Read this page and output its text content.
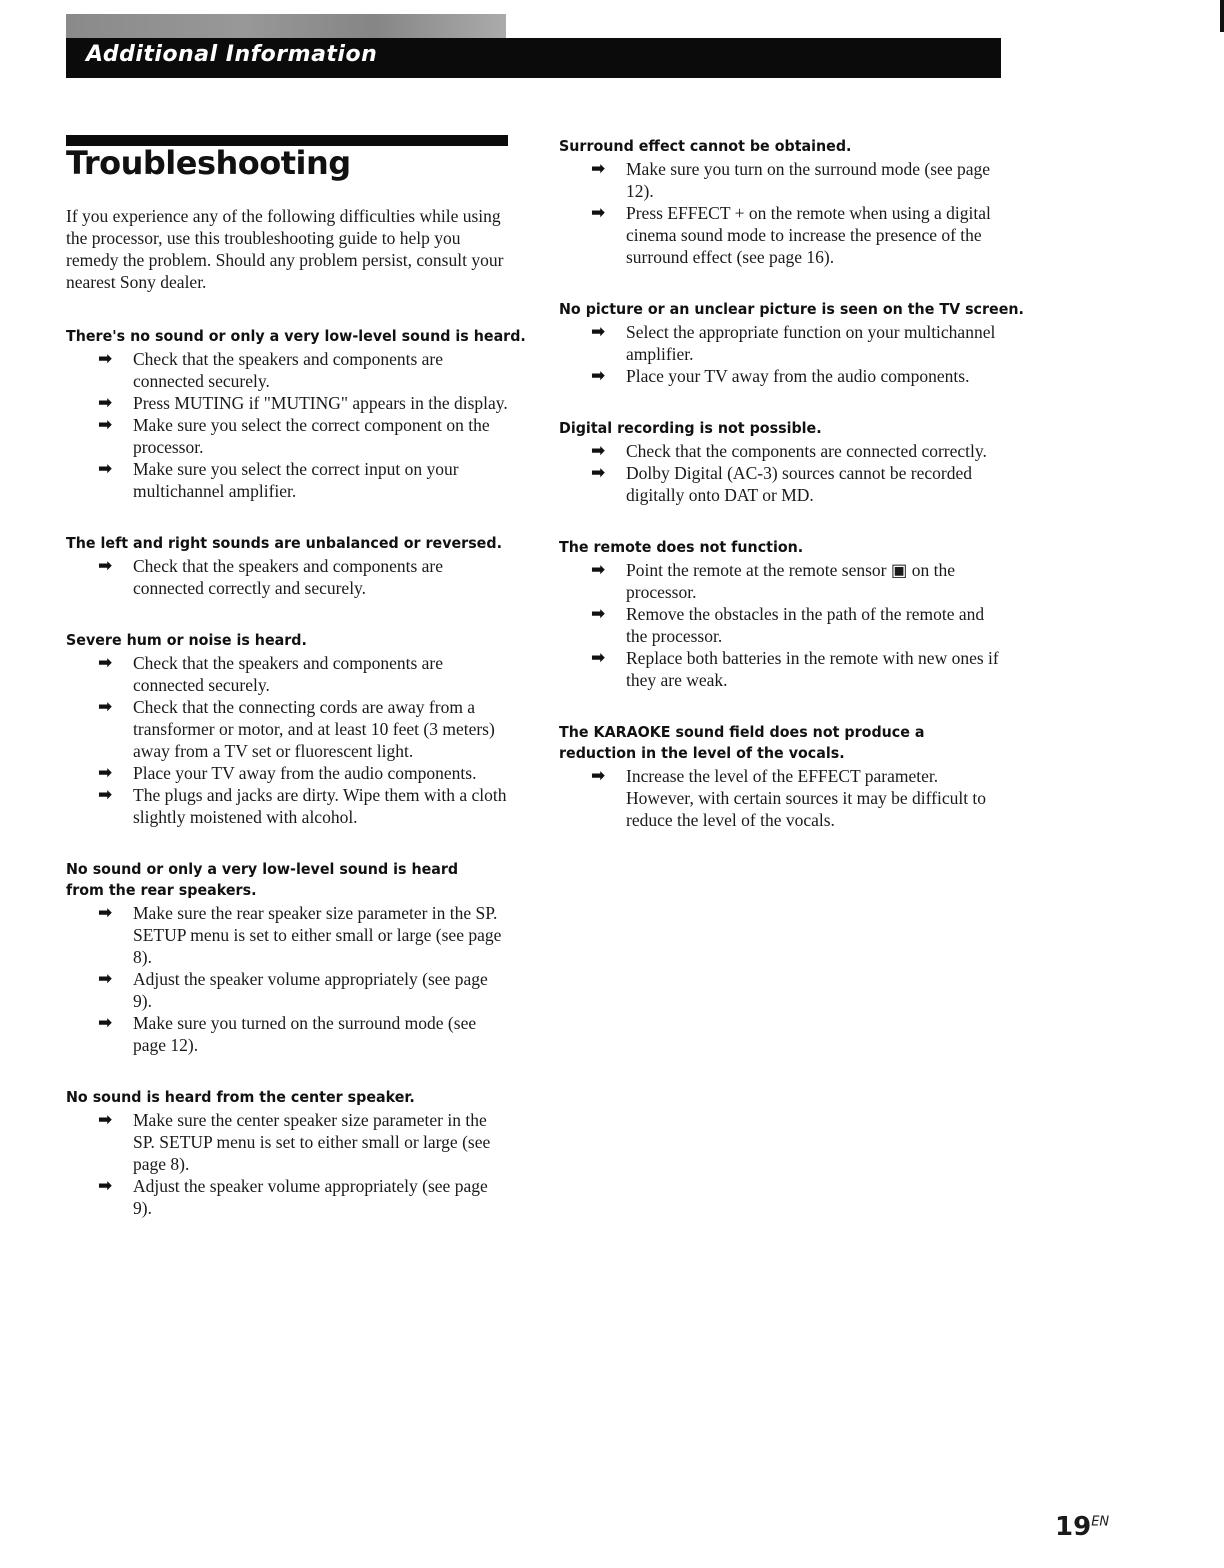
Additional Information
Troubleshooting

If you experience any of the following difficulties while using the processor, use this troubleshooting guide to help you remedy the problem. Should any problem persist, consult your nearest Sony dealer.

There's no sound or only a very low-level sound is heard.
➡ Check that the speakers and components are connected securely.
➡ Press MUTING if "MUTING" appears in the display.
➡ Make sure you select the correct component on the processor.
➡ Make sure you select the correct input on your multichannel amplifier.
The left and right sounds are unbalanced or reversed.
➡ Check that the speakers and components are connected correctly and securely.
Severe hum or noise is heard.
➡ Check that the speakers and components are connected securely.
➡ Check that the connecting cords are away from a transformer or motor, and at least 10 feet (3 meters) away from a TV set or fluorescent light.
➡ Place your TV away from the audio components.
➡ The plugs and jacks are dirty. Wipe them with a cloth slightly moistened with alcohol.
No sound or only a very low-level sound is heard from the rear speakers.
➡ Make sure the rear speaker size parameter in the SP. SETUP menu is set to either small or large (see page 8).
➡ Adjust the speaker volume appropriately (see page 9).
➡ Make sure you turned on the surround mode (see page 12).
No sound is heard from the center speaker.
➡ Make sure the center speaker size parameter in the SP. SETUP menu is set to either small or large (see page 8).
➡ Adjust the speaker volume appropriately (see page 9).
Surround effect cannot be obtained.
➡ Make sure you turn on the surround mode (see page 12).
➡ Press EFFECT + on the remote when using a digital cinema sound mode to increase the presence of the surround effect (see page 16).
No picture or an unclear picture is seen on the TV screen.
➡ Select the appropriate function on your multichannel amplifier.
➡ Place your TV away from the audio components.
Digital recording is not possible.
➡ Check that the components are connected correctly.
➡ Dolby Digital (AC-3) sources cannot be recorded digitally onto DAT or MD.
The remote does not function.
➡ Point the remote at the remote sensor ▣ on the processor.
➡ Remove the obstacles in the path of the remote and the processor.
➡ Replace both batteries in the remote with new ones if they are weak.
The KARAOKE sound field does not produce a reduction in the level of the vocals.
➡ Increase the level of the EFFECT parameter. However, with certain sources it may be difficult to reduce the level of the vocals.
$19^{EN}$
